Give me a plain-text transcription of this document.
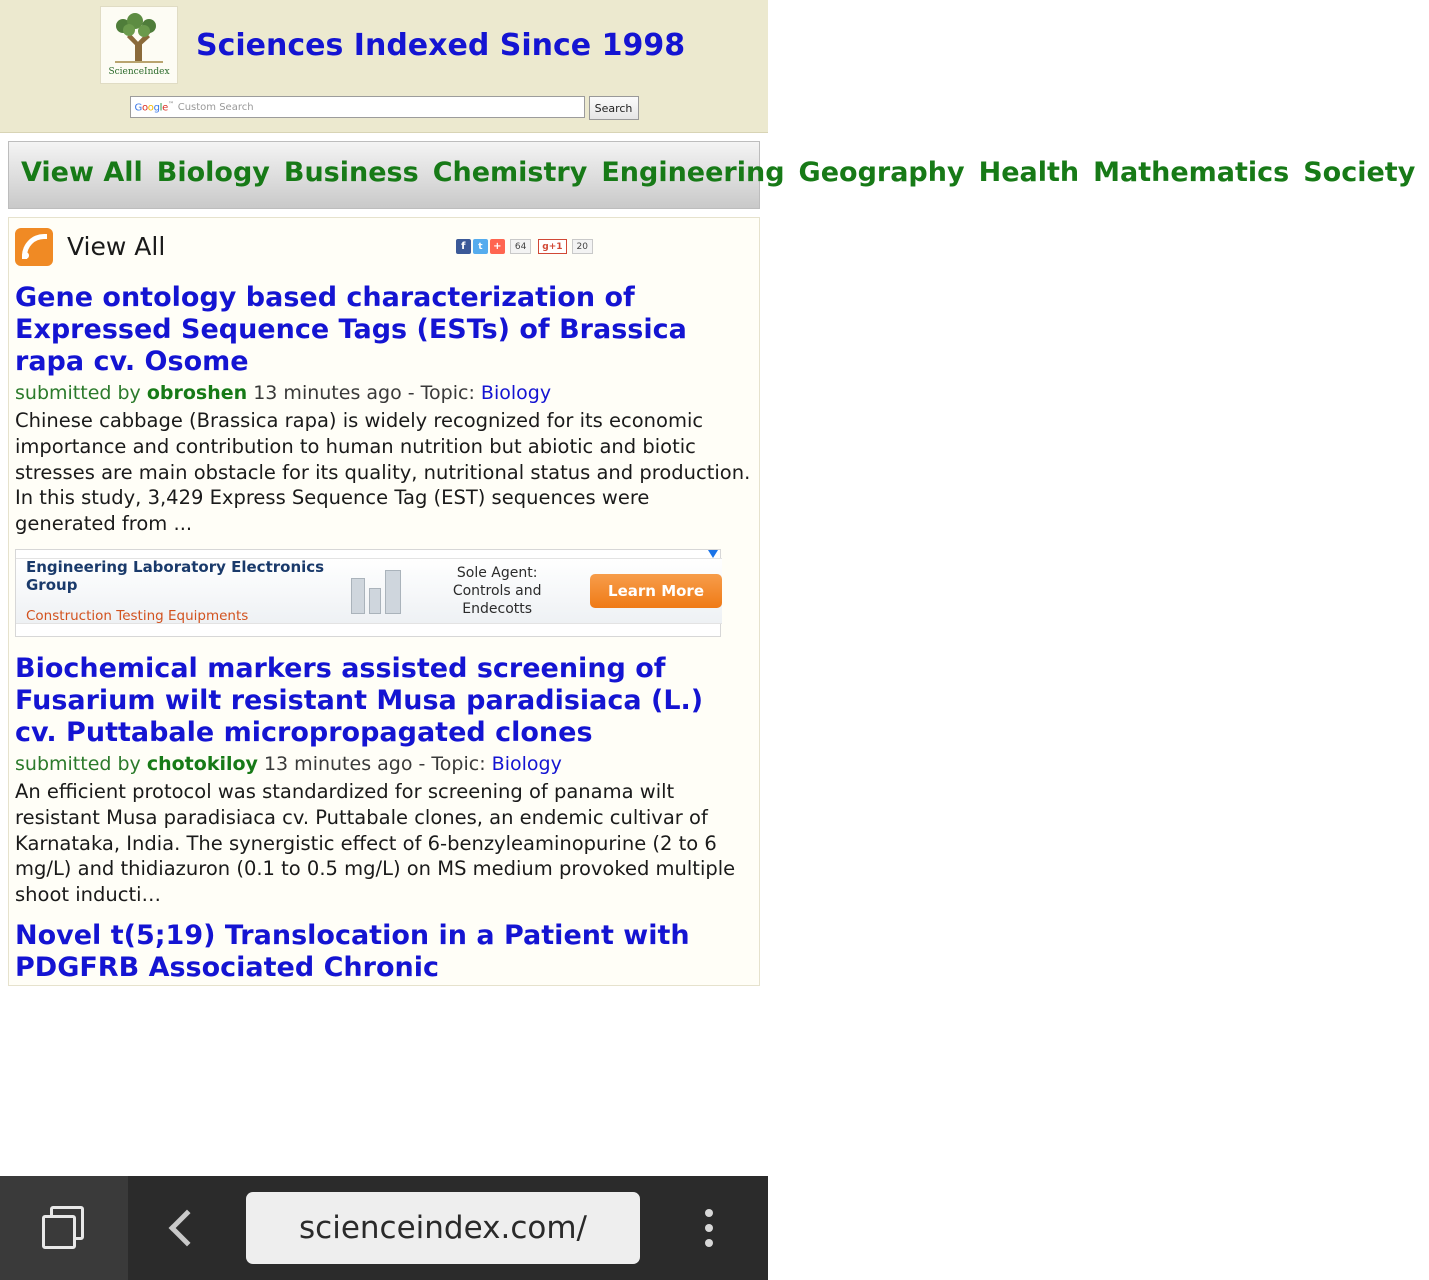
ScienceIndex
Sciences Indexed Since 1998
Google™ Custom Search	Search
View All Biology Business Chemistry Engineering Geography Health Mathematics Society
View All	f	t	+	64	g+1	20
Gene ontology based characterization of Expressed Sequence Tags (ESTs) of Brassica rapa cv. Osome
submitted by obroshen 13 minutes ago - Topic: Biology
Chinese cabbage (Brassica rapa) is widely recognized for its economic importance and contribution to human nutrition but abiotic and biotic stresses are main obstacle for its quality, nutritional status and production. In this study, 3,429 Express Sequence Tag (EST) sequences were generated from ...
Engineering Laboratory Electronics Group
Construction Testing Equipments
Sole Agent:
Controls and
Endecotts
Learn More
Biochemical markers assisted screening of Fusarium wilt resistant Musa paradisiaca (L.) cv. Puttabale micropropagated clones
submitted by chotokiloy 13 minutes ago - Topic: Biology
An efficient protocol was standardized for screening of panama wilt resistant Musa paradisiaca cv. Puttabale clones, an endemic cultivar of Karnataka, India. The synergistic effect of 6-benzyleaminopurine (2 to 6 mg/L) and thidiazuron (0.1 to 0.5 mg/L) on MS medium provoked multiple shoot inducti…
Novel t(5;19) Translocation in a Patient with PDGFRB Associated Chronic
scienceindex.com/
